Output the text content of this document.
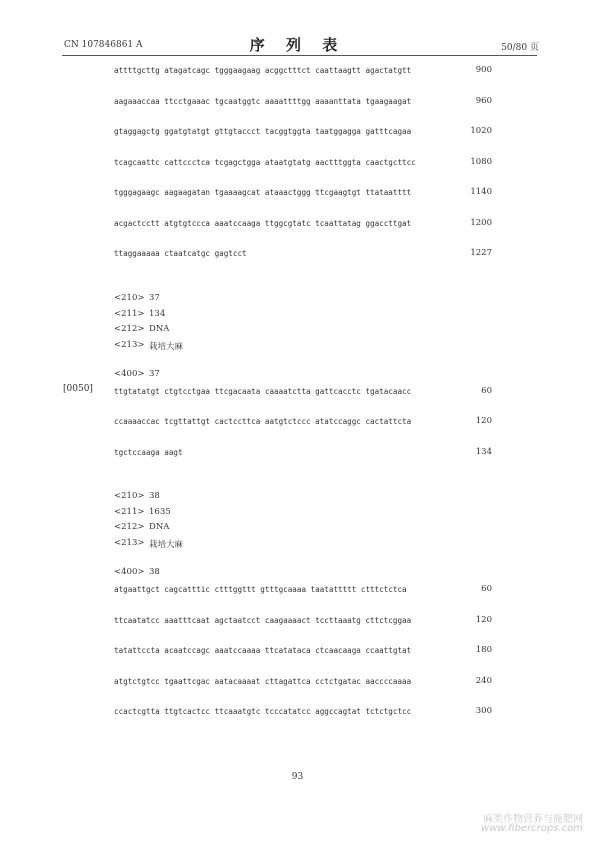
CN 107846861 A	序 列 表	50/80 页
attttgcttg atagatcagc tgggaagaag acggctttct caattaagtt agactatgtt	900
aagaaaccaa ttcctgaaac tgcaatggtc aaaattttgg aaaanttata tgaagaagat	960
gtaggagctg ggatgtatgt gttgtaccct tacggtggta taatggagga gatttcagaa	1020
tcagcaattc cattccctca tcgagctgga ataatgtatg aactttggta caactgcttcc	1080
tgggagaagc aagaagatan tgaaaagcat ataaactggg ttcgaagtgt ttataatttt	1140
acgactcctt atgtgtccca aaatccaaga ttggcgtatc tcaattatag ggaccttgat	1200
ttaggaaaaa ctaatcatgc gagtcct	1227
<210> 37
<211> 134
<212> DNA
<213> 栽培大麻
<400> 37
[0050]	ttgtatatgt ctgtcctgaa ttcgacaata caaaatctta gattcacctc tgatacaacc	60
ccaaaaccac tcgttattgt cactccttca aatgtctccc atatccaggc cactattcta	120
tgctccaaga aagt	134
<210> 38
<211> 1635
<212> DNA
<213> 栽培大麻
<400> 38
atgaattgct cagcatttic ctttggttt gtttgcaaaa taatattttt ctttctctca	60
ttcaatatcc aaatttcaat agctaatcct caagaaaact tccttaaatg cttctcggaa	120
tatattccta acaatccagc aaatccaaaa ttcatataca ctcaacaaga ccaattgtat	180
atgtctgtcc tgaattcgac aatacaaaat cttagattca cctctgatac aaccccaaaa	240
ccactcgtta ttgtcactcc ttcaaatgtc tcccatatcc aggccagtat tctctgctcc	300
93
麻类作物营养与施肥网
www.fibercrops.com
